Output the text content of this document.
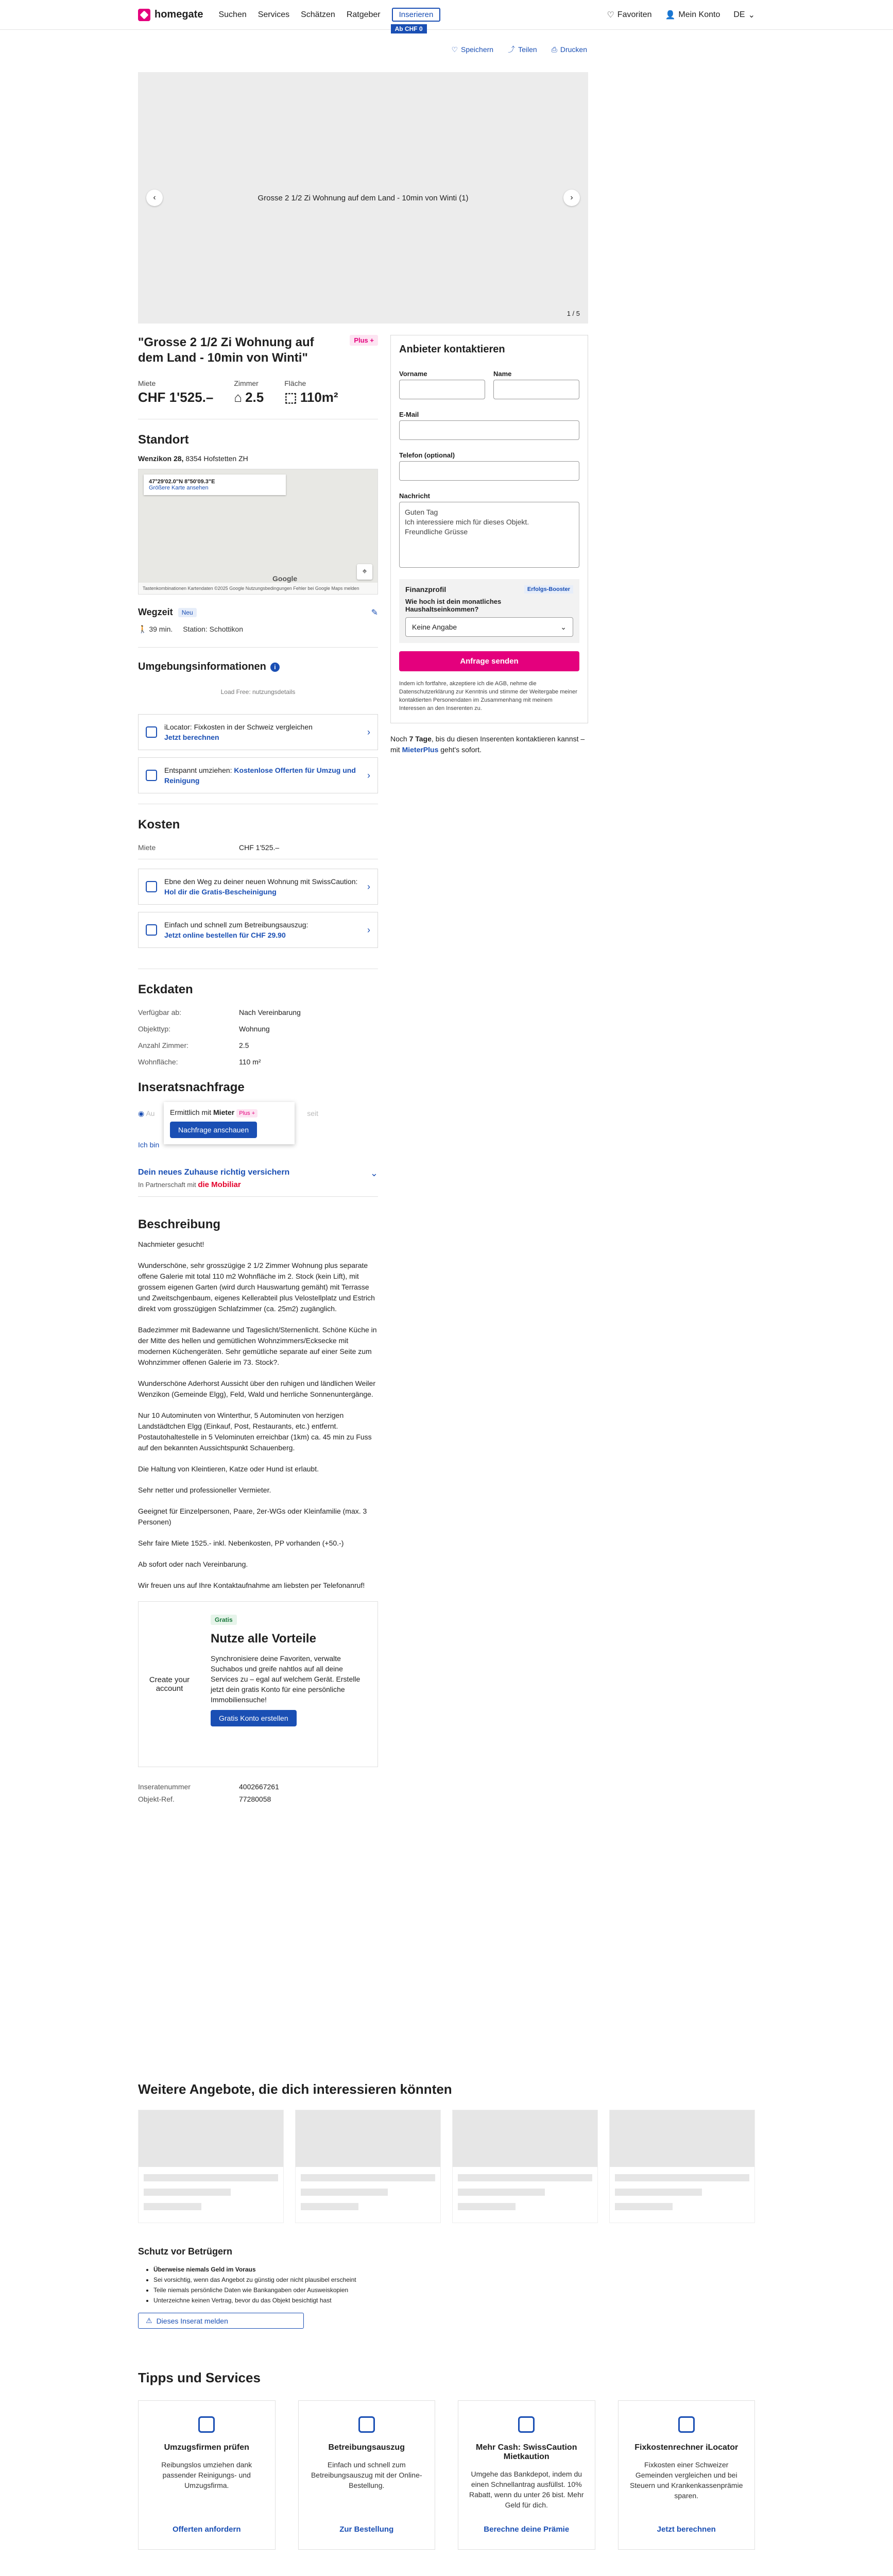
homegate Suchen Services Schätzen Ratgeber	Inserieren
Ab CHF 0
♡ Favoriten 👤 Mein Konto DE ⌄
♡ Speichern ⤴ Teilen ⎙ Drucken
Grosse 2 1/2 Zi Wohnung auf dem Land - 10min von Winti (1)
‹	›
1 / 5
"Grosse 2 1/2 Zi Wohnung auf dem Land - 10min von Winti"
Plus +
Miete
CHF 1'525.–
Zimmer
⌂ 2.5
Fläche
⬚ 110m²
Standort
Wenzikon 28, 8354 Hofstetten ZH
47°29'02.0"N 8°50'09.3"E
Größere Karte ansehen
Google
⌖
Tastenkombinationen Kartendaten ©2025 Google Nutzungsbedingungen Fehler bei Google Maps melden
Wegzeit	Neu	✎
🚶 39 min. Station: Schottikon
Umgebungsinformationen	i
Load Free: nutzungsdetails
iLocator: Fixkosten in der Schweiz vergleichen
Jetzt berechnen	›
Entspannt umziehen: Kostenlose Offerten für Umzug und Reinigung	›
Kosten
Miete	CHF 1'525.–
Ebne den Weg zu deiner neuen Wohnung mit SwissCaution: Hol dir die Gratis-Bescheinigung	›
Einfach und schnell zum Betreibungsauszug:
Jetzt online bestellen für CHF 29.90	›
Eckdaten
Verfügbar ab:	Nach Vereinbarung
Objekttyp:	Wohnung
Anzahl Zimmer:	2.5
Wohnfläche:	110 m²
Inseratsnachfrage
◉ Au	seit
Ich bin
Ermittlich mit Mieter Plus +
Nachfrage anschauen
Dein neues Zuhause richtig versichern
In Partnerschaft mit die Mobiliar
⌄
Beschreibung

Nachmieter gesucht!

Wunderschöne, sehr grosszügige 2 1/2 Zimmer Wohnung plus separate offene Galerie mit total 110 m2 Wohnfläche im 2. Stock (kein Lift), mit grossem eigenen Garten (wird durch Hauswartung gemäht) mit Terrasse und Zweitschgenbaum, eigenes Kellerabteil plus Velostellplatz und Estrich direkt vom grosszügigen Schlafzimmer (ca. 25m2) zugänglich.

Badezimmer mit Badewanne und Tageslicht/Sternenlicht. Schöne Küche in der Mitte des hellen und gemütlichen Wohnzimmers/Ecksecke mit modernen Küchengeräten. Sehr gemütliche separate auf einer Seite zum Wohnzimmer offenen Galerie im 73. Stock?.

Wunderschöne Aderhorst Aussicht über den ruhigen und ländlichen Weiler Wenzikon (Gemeinde Elgg), Feld, Wald und herrliche Sonnenuntergänge.

Nur 10 Autominuten von Winterthur, 5 Autominuten von herzigen Landstädtchen Elgg (Einkauf, Post, Restaurants, etc.) entfernt. Postautohaltestelle in 5 Velominuten erreichbar (1km) ca. 45 min zu Fuss auf den bekannten Aussichtspunkt Schauenberg.

Die Haltung von Kleintieren, Katze oder Hund ist erlaubt.

Sehr netter und professioneller Vermieter.

Geeignet für Einzelpersonen, Paare, 2er-WGs oder Kleinfamilie (max. 3 Personen)

Sehr faire Miete 1525.- inkl. Nebenkosten, PP vorhanden (+50.-)

Ab sofort oder nach Vereinbarung.

Wir freuen uns auf Ihre Kontaktaufnahme am liebsten per Telefonanruf!

Create your account
Gratis
Nutze alle Vorteile
Synchronisiere deine Favoriten, verwalte Suchabos und greife nahtlos auf all deine Services zu – egal auf welchem Gerät. Erstelle jetzt dein gratis Konto für eine persönliche Immobiliensuche!
Gratis Konto erstellen
Inseratenummer	4002667261
Objekt-Ref.	77280058
Anbieter kontaktieren
Vorname	Name
E-Mail
Telefon (optional)
Nachricht
Guten Tag
Ich interessiere mich für dieses Objekt.
Freundliche Grüsse
Finanzprofil	Erfolgs-Booster
Wie hoch ist dein monatliches Haushaltseinkommen?
Keine Angabe	⌄
Anfrage senden
Indem ich fortfahre, akzeptiere ich die AGB, nehme die Datenschutzerklärung zur Kenntnis und stimme der Weitergabe meiner kontaktierten Personendaten im Zusammenhang mit meinem Interessen an den Inserenten zu.
Noch 7 Tage, bis du diesen Inserenten kontaktieren kannst – mit MieterPlus geht's sofort.
Weitere Angebote, die dich interessieren könnten
Schutz vor Betrügern
• Überweise niemals Geld im Voraus
• Sei vorsichtig, wenn das Angebot zu günstig oder nicht plausibel erscheint
• Teile niemals persönliche Daten wie Bankangaben oder Ausweiskopien
• Unterzeichne keinen Vertrag, bevor du das Objekt besichtigt hast
⚠ Dieses Inserat melden
Tipps und Services
Umzugsfirmen prüfen
Reibungslos umziehen dank passender Reinigungs- und Umzugsfirma.
Offerten anfordern
Betreibungsauszug
Einfach und schnell zum Betreibungsauszug mit der Online-Bestellung.
Zur Bestellung
Mehr Cash: SwissCaution Mietkaution
Umgehe das Bankdepot, indem du einen Schnellantrag ausfüllst. 10% Rabatt, wenn du unter 26 bist. Mehr Geld für dich.
Berechne deine Prämie
Fixkostenrechner iLocator
Fixkosten einer Schweizer Gemeinden vergleichen und bei Steuern und Krankenkassenprämie sparen.
Jetzt berechnen
